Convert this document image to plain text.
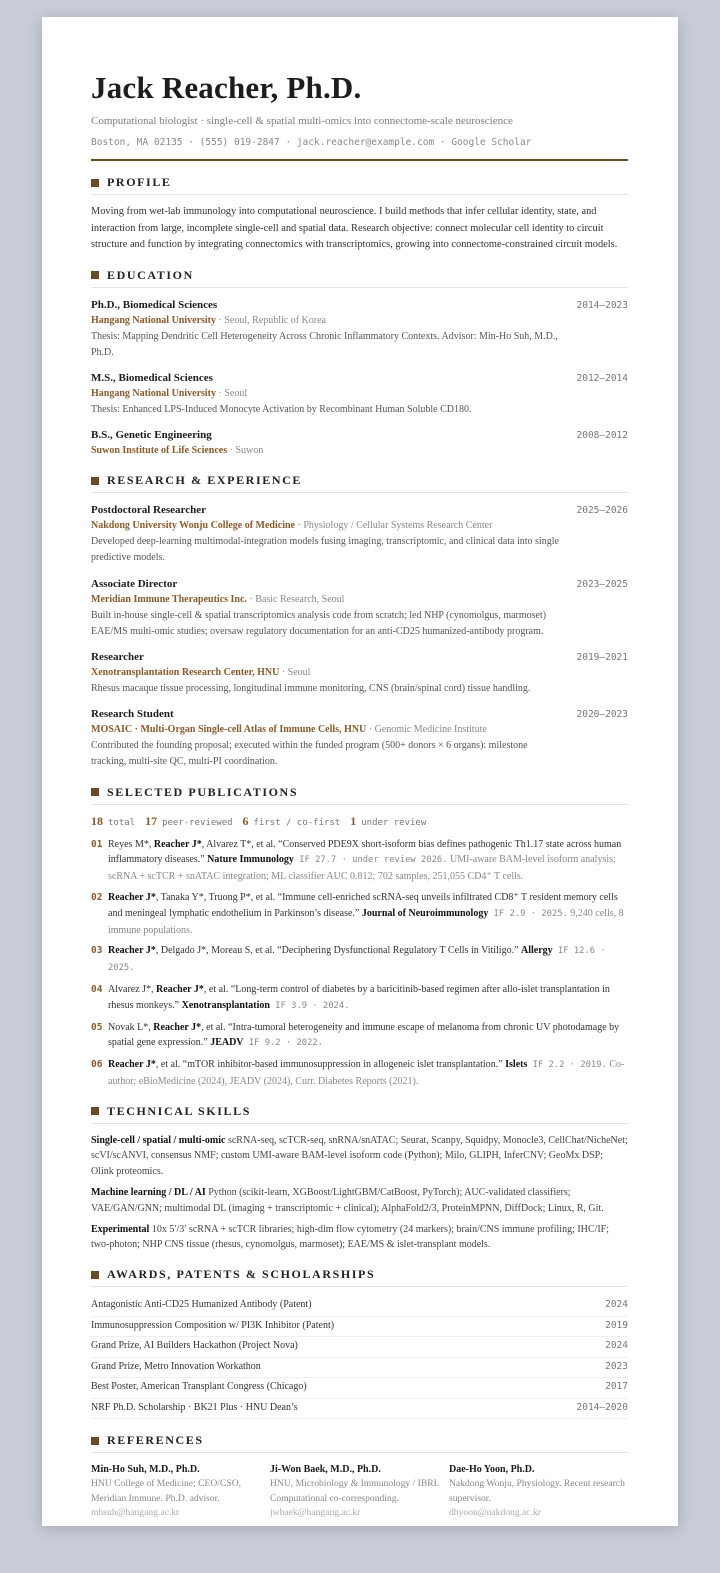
Jack Reacher, Ph.D.
Computational biologist · single-cell & spatial multi-omics into connectome-scale neuroscience
Boston, MA 02135 · (555) 019-2847 · jack.reacher@example.com · Google Scholar
PROFILE
Moving from wet-lab immunology into computational neuroscience. I build methods that infer cellular identity, state, and interaction from large, incomplete single-cell and spatial data. Research objective: connect molecular cell identity to circuit structure and function by integrating connectomics with transcriptomics, growing into connectome-constrained circuit models.
EDUCATION
Ph.D., Biomedical Sciences	2014–2023
Hangang National University · Seoul, Republic of Korea
Thesis: Mapping Dendritic Cell Heterogeneity Across Chronic Inflammatory Contexts. Advisor: Min-Ho Suh, M.D., Ph.D.
M.S., Biomedical Sciences	2012–2014
Hangang National University · Seoul
Thesis: Enhanced LPS-Induced Monocyte Activation by Recombinant Human Soluble CD180.
B.S., Genetic Engineering	2008–2012
Suwon Institute of Life Sciences · Suwon
RESEARCH & EXPERIENCE
Postdoctoral Researcher	2025–2026
Nakdong University Wonju College of Medicine · Physiology / Cellular Systems Research Center
Developed deep-learning multimodal-integration models fusing imaging, transcriptomic, and clinical data into single predictive models.
Associate Director	2023–2025
Meridian Immune Therapeutics Inc. · Basic Research, Seoul
Built in-house single-cell & spatial transcriptomics analysis code from scratch; led NHP (cynomolgus, marmoset) EAE/MS multi-omic studies; oversaw regulatory documentation for an anti-CD25 humanized-antibody program.
Researcher	2019–2021
Xenotransplantation Research Center, HNU · Seoul
Rhesus macaque tissue processing, longitudinal immune monitoring, CNS (brain/spinal cord) tissue handling.
Research Student	2020–2023
MOSAIC · Multi-Organ Single-cell Atlas of Immune Cells, HNU · Genomic Medicine Institute
Contributed the founding proposal; executed within the funded program (500+ donors × 6 organs): milestone tracking, multi-site QC, multi-PI coordination.
SELECTED PUBLICATIONS
18 total 17 peer-reviewed 6 first / co-first 1 under review
01 Reyes M*, Reacher J*, Alvarez T*, et al. “Conserved PDE9X short-isoform bias defines pathogenic Th1.17 state across human inflammatory diseases.” Nature Immunology IF 27.7 · under review 2026. UMI-aware BAM-level isoform analysis; scRNA + scTCR + snATAC integration; ML classifier AUC 0.812; 702 samples, 251,055 CD4⁺ T cells.
02 Reacher J*, Tanaka Y*, Truong P*, et al. “Immune cell-enriched scRNA-seq unveils infiltrated CD8⁺ T resident memory cells and meningeal lymphatic endothelium in Parkinson’s disease.” Journal of Neuroimmunology IF 2.9 · 2025. 9,240 cells, 8 immune populations.
03 Reacher J*, Delgado J*, Moreau S, et al. “Deciphering Dysfunctional Regulatory T Cells in Vitiligo.” Allergy IF 12.6 · 2025.
04 Alvarez J*, Reacher J*, et al. “Long-term control of diabetes by a baricitinib-based regimen after allo-islet transplantation in rhesus monkeys.” Xenotransplantation IF 3.9 · 2024.
05 Novak L*, Reacher J*, et al. “Intra-tumoral heterogeneity and immune escape of melanoma from chronic UV photodamage by spatial gene expression.” JEADV IF 9.2 · 2022.
06 Reacher J*, et al. “mTOR inhibitor-based immunosuppression in allogeneic islet transplantation.” Islets IF 2.2 · 2019. Co-author: eBioMedicine (2024), JEADV (2024), Curr. Diabetes Reports (2021).
TECHNICAL SKILLS
Single-cell / spatial / multi-omic scRNA-seq, scTCR-seq, snRNA/snATAC; Seurat, Scanpy, Squidpy, Monocle3, CellChat/NicheNet; scVI/scANVI, consensus NMF; custom UMI-aware BAM-level isoform code (Python); Milo, GLIPH, InferCNV; GeoMx DSP; Olink proteomics.
Machine learning / DL / AI Python (scikit-learn, XGBoost/LightGBM/CatBoost, PyTorch); AUC-validated classifiers; VAE/GAN/GNN; multimodal DL (imaging + transcriptomic + clinical); AlphaFold2/3, ProteinMPNN, DiffDock; Linux, R, Git.
Experimental 10x 5′/3′ scRNA + scTCR libraries; high-dim flow cytometry (24 markers); brain/CNS immune profiling; IHC/IF; two-photon; NHP CNS tissue (rhesus, cynomolgus, marmoset); EAE/MS & islet-transplant models.
AWARDS, PATENTS & SCHOLARSHIPS
Antagonistic Anti-CD25 Humanized Antibody (Patent)	2024
Immunosuppression Composition w/ PI3K Inhibitor (Patent)	2019
Grand Prize, AI Builders Hackathon (Project Nova)	2024
Grand Prize, Metro Innovation Workathon	2023
Best Poster, American Transplant Congress (Chicago)	2017
NRF Ph.D. Scholarship · BK21 Plus · HNU Dean’s	2014–2020
REFERENCES
Min-Ho Suh, M.D., Ph.D.
HNU College of Medicine; CEO/CSO, Meridian Immune. Ph.D. advisor.
mhsuh@hangang.ac.kr
Ji-Won Baek, M.D., Ph.D.
HNU, Microbiology & Immunology / IBRI. Computational co-corresponding.
jwbaek@hangang.ac.kr
Dae-Ho Yoon, Ph.D.
Nakdong Wonju, Physiology. Recent research supervisor.
dhyoon@nakdong.ac.kr
